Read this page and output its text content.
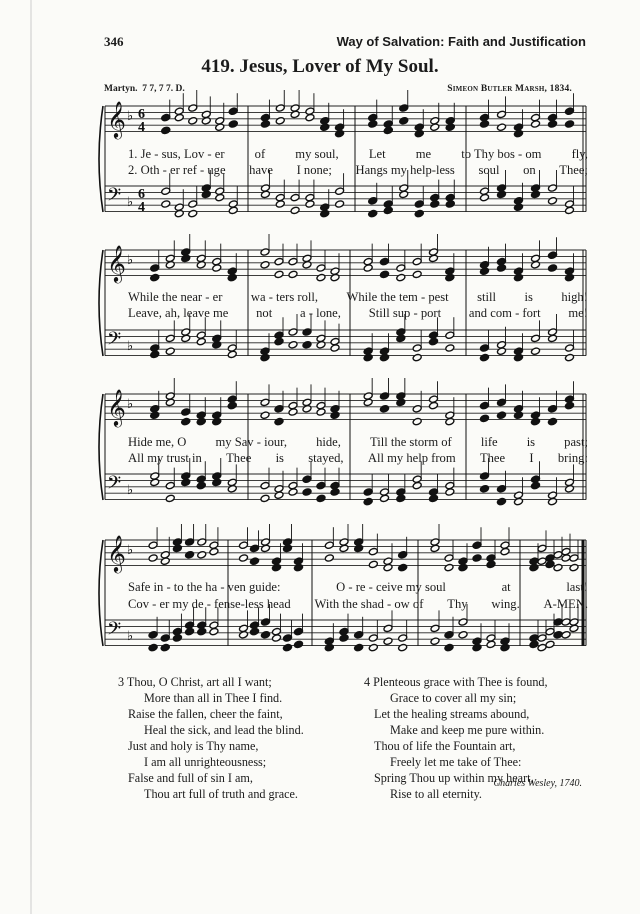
346	Way of Salvation: Faith and Justification
419. Jesus, Lover of My Soul.
Martyn. 7 7, 7 7. D.	Simeon Butler Marsh, 1834.
𝄞 ♭ 6
4
𝄢 ♭
6
4
𝄞 ♭
𝄢 ♭
𝄞 ♭
𝄢 ♭
𝄞 ♭
𝄢 ♭
1. Je - sus, Lov - er of my soul, Let me to Thy bos - om fly,
2. Oth - er ref - uge have I none; Hangs my help-less soul on Thee;
While the near - er wa - ters roll, While the tem - pest still is high!
Leave, ah, leave me not a - lone, Still sup - port and com - fort me!
Hide me, O my Sav - iour, hide, Till the storm of life is past;
All my trust in Thee is stayed, All my help from Thee I bring:
Safe in - to the ha - ven guide:	O - re - ceive my soul	at	last!
Cov - er my de - fense-less head With the shad - ow of Thy wing. A-MEN.
3 Thou, O Christ, art all I want;
More than all in Thee I find.
Raise the fallen, cheer the faint,
Heal the sick, and lead the blind.
Just and holy is Thy name,
I am all unrighteousness;
False and full of sin I am,
Thou art full of truth and grace.
4 Plenteous grace with Thee is found,
Grace to cover all my sin;
Let the healing streams abound,
Make and keep me pure within.
Thou of life the Fountain art,
Freely let me take of Thee:
Spring Thou up within my heart,
Rise to all eternity.
Charles Wesley, 1740.
